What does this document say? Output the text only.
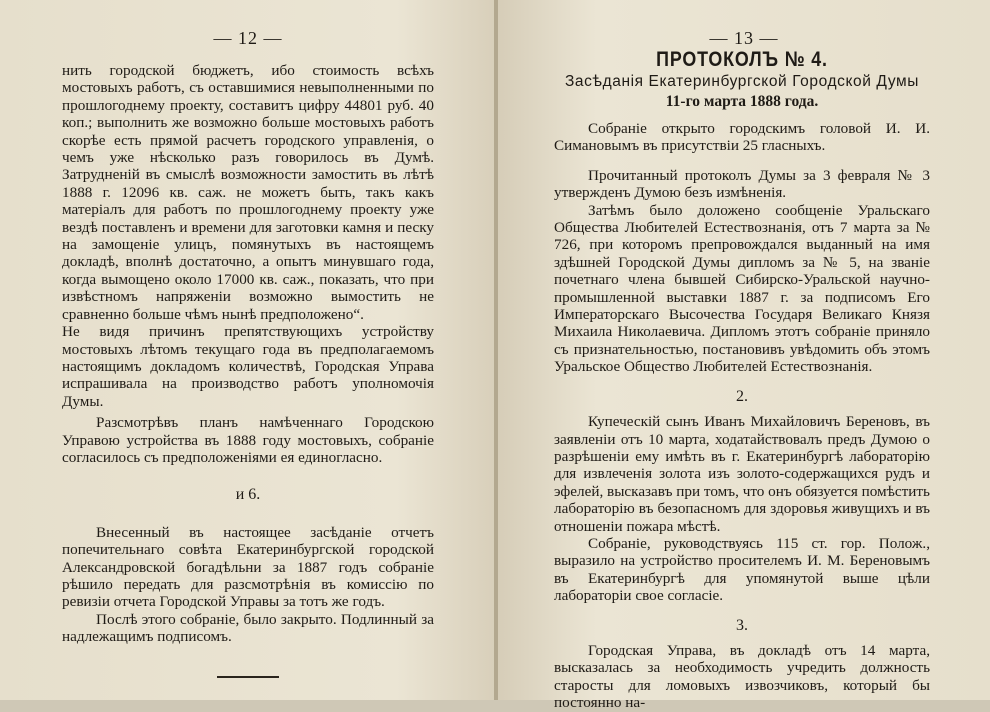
— 12 —

нить городской бюджетъ, ибо стоимость всѣхъ мостовыхъ работъ, съ оставшимися невыполненными по прошлогоднему проекту, составитъ цифру 44801 руб. 40 коп.; выполнить же возможно больше мостовыхъ работъ скорѣе есть прямой расчетъ городского управленія, о чемъ уже нѣсколько разъ говорилось въ Думѣ. Затрудненій въ смыслѣ возможности замостить въ лѣтѣ 1888 г. 12096 кв. саж. не можетъ быть, такъ какъ матеріалъ для работъ по прошлогоднему проекту уже вездѣ поставленъ и времени для заготовки камня и песку на замощеніе улицъ, помянутыхъ въ настоящемъ докладѣ, вполнѣ достаточно, а опытъ минувшаго года, когда вымощено около 17000 кв. саж., показать, что при извѣстномъ напряженіи возможно вымостить не сравненно больше чѣмъ нынѣ предположено“.

Не видя причинъ препятствующихъ устройству мостовыхъ лѣтомъ текущаго года въ предполагаемомъ настоящимъ докладомъ количествѣ, Городская Управа испрашивала на производство работъ уполномочія Думы.

Разсмотрѣвъ планъ намѣченнаго Городскою Управою устройства въ 1888 году мостовыхъ, собраніе согласилось съ предположеніями ея единогласно.

и 6.

Внесенный въ настоящее засѣданіе отчетъ попечительнаго совѣта Екатеринбургской городской Александровской богадѣльни за 1887 годъ собраніе рѣшило передать для разсмотрѣнія въ комиссію по ревизіи отчета Городской Управы за тотъ же годъ.

Послѣ этого собраніе, было закрыто. Подлинный за надлежащимъ подписомъ.

— 13 —
ПРОТОКОЛЪ № 4.
Засѣданія Екатеринбургской Городской Думы
11-го марта 1888 года.

Собраніе открыто городскимъ головой И. И. Симановымъ въ присутствіи 25 гласныхъ.

Прочитанный протоколъ Думы за 3 февраля № 3 утвержденъ Думою безъ измѣненія.

Затѣмъ было доложено сообщеніе Уральскаго Общества Любителей Естествознанія, отъ 7 марта за № 726, при которомъ препровождался выданный на имя здѣшней Городской Думы дипломъ за № 5, на званіе почетнаго члена бывшей Сибирско-Уральской научно-промышленной выставки 1887 г. за подписомъ Его Императорскаго Высочества Государя Великаго Князя Михаила Николаевича. Дипломъ этотъ собраніе приняло съ признательностью, постановивъ увѣдомить объ этомъ Уральское Общество Любителей Естествознанія.

2.

Купеческій сынъ Иванъ Михайловичъ Береновъ, въ заявленіи отъ 10 марта, ходатайствовалъ предъ Думою о разрѣшеніи ему имѣть въ г. Екатеринбургѣ лабораторію для извлеченія золота изъ золото-содержащихся рудъ и эфелей, высказавъ при томъ, что онъ обязуется помѣстить лабораторію въ безопасномъ для здоровья живущихъ и въ отношеніи пожара мѣстѣ.

Собраніе, руководствуясь 115 ст. гор. Полож., выразило на устройство просителемъ И. М. Береновымъ въ Екатеринбургѣ для упомянутой выше цѣли лабораторіи свое согласіе.

3.

Городская Управа, въ докладѣ отъ 14 марта, высказалась за необходимость учредить должность старосты для ломовыхъ извозчиковъ, который бы постоянно на-
